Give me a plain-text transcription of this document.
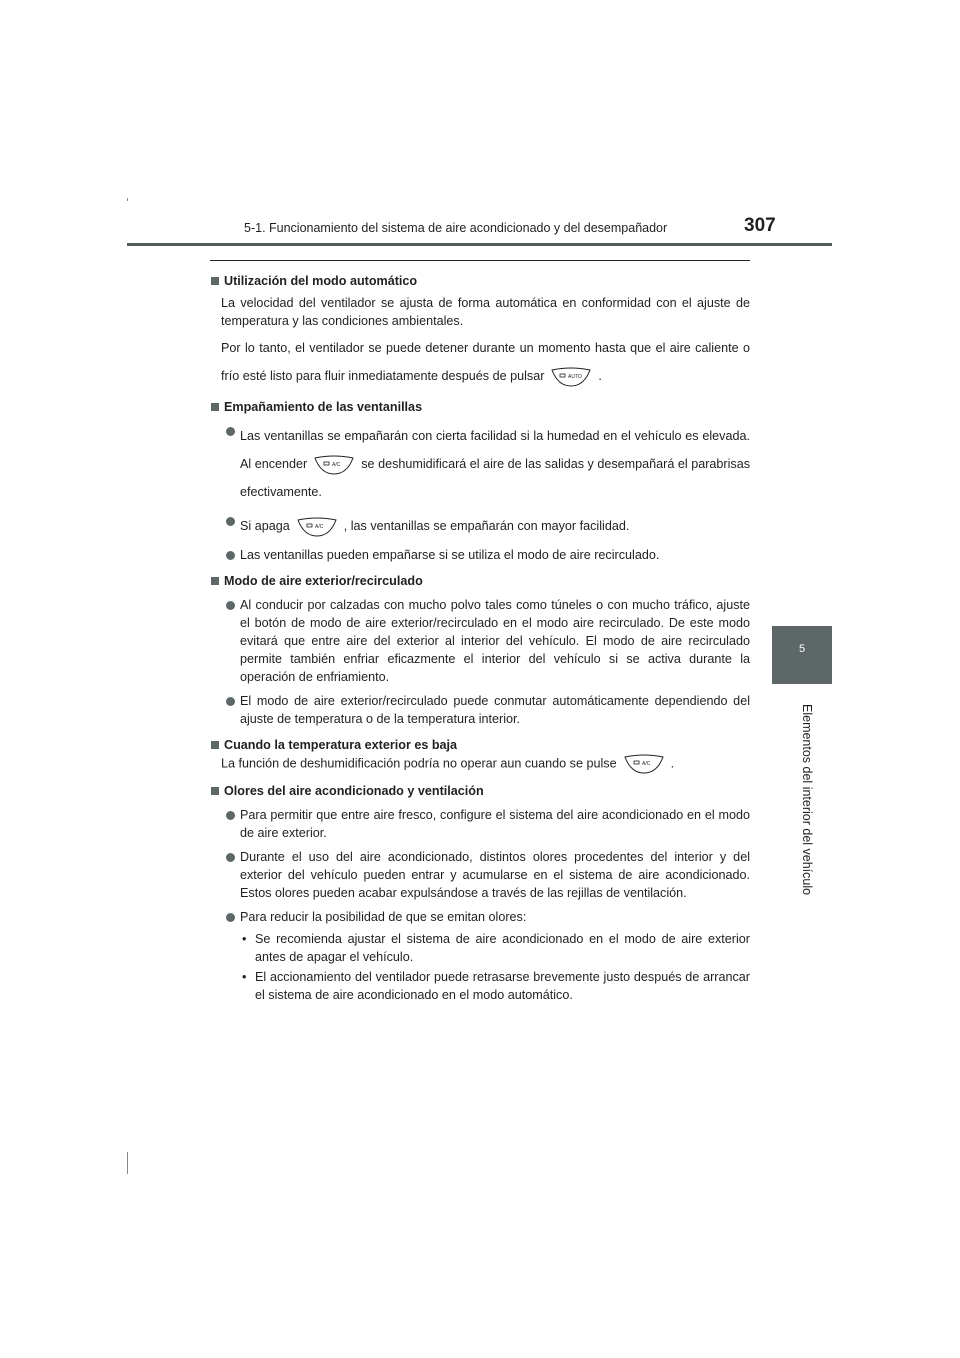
5-1. Funcionamiento del sistema de aire acondicionado y del desempañador	307
5
Elementos del interior del vehículo
Utilización del modo automático
La velocidad del ventilador se ajusta de forma automática en conformidad con el ajuste de temperatura y las condiciones ambientales.
Por lo tanto, el ventilador se puede detener durante un momento hasta que el aire caliente o frío esté listo para fluir inmediatamente después de pulsar	AUTO .
Empañamiento de las ventanillas
Las ventanillas se empañarán con cierta facilidad si la humedad en el vehículo es elevada. Al encender	A/C se deshumidificará el aire de las salidas y desempañará el parabrisas efectivamente.
Si apaga	A/C , las ventanillas se empañarán con mayor facilidad.
Las ventanillas pueden empañarse si se utiliza el modo de aire recirculado.
Modo de aire exterior/recirculado
Al conducir por calzadas con mucho polvo tales como túneles o con mucho tráfico, ajuste el botón de modo de aire exterior/recirculado en el modo aire recirculado. De este modo evitará que entre aire del exterior al interior del vehículo. El modo de aire recirculado permite también enfriar eficazmente el interior del vehículo si se activa durante la operación de enfriamiento.
El modo de aire exterior/recirculado puede conmutar automáticamente dependiendo del ajuste de temperatura o de la temperatura interior.
Cuando la temperatura exterior es baja
La función de deshumidificación podría no operar aun cuando se pulse	A/C .
Olores del aire acondicionado y ventilación
Para permitir que entre aire fresco, configure el sistema del aire acondicionado en el modo de aire exterior.
Durante el uso del aire acondicionado, distintos olores procedentes del interior y del exterior del vehículo pueden entrar y acumularse en el sistema de aire acondicionado. Estos olores pueden acabar expulsándose a través de las rejillas de ventilación.
Para reducir la posibilidad de que se emitan olores:
• Se recomienda ajustar el sistema de aire acondicionado en el modo de aire exterior antes de apagar el vehículo.
• El accionamiento del ventilador puede retrasarse brevemente justo después de arrancar el sistema de aire acondicionado en el modo automático.
